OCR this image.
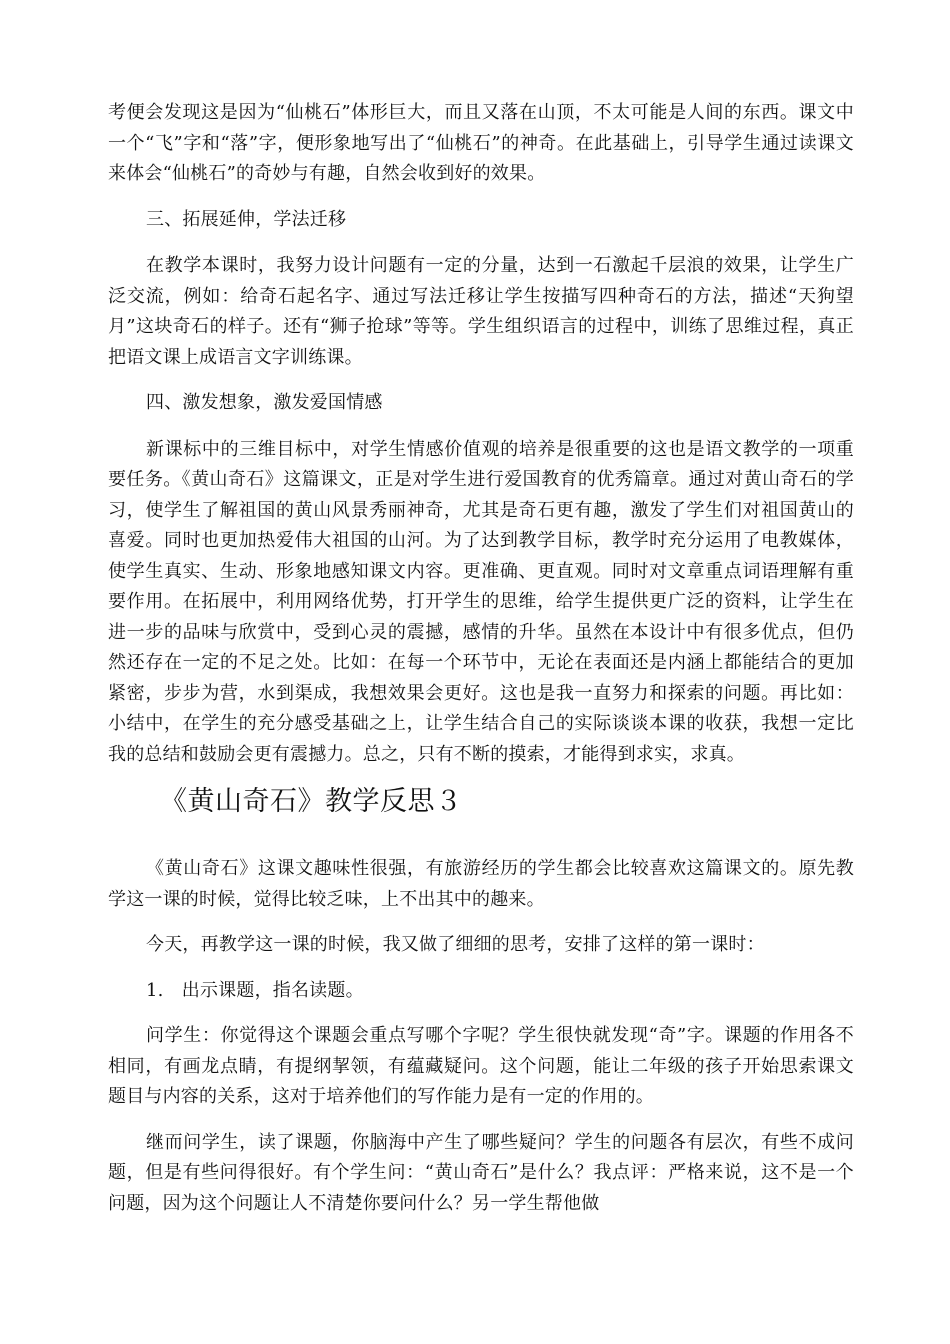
考便会发现这是因为“仙桃石”体形巨大，而且又落在山顶，不太可能是人间的东西。课文中一个“飞”字和“落”字，便形象地写出了“仙桃石”的神奇。在此基础上，引导学生通过读课文来体会“仙桃石”的奇妙与有趣，自然会收到好的效果。

三、拓展延伸，学法迁移

在教学本课时，我努力设计问题有一定的分量，达到一石激起千层浪的效果，让学生广泛交流，例如：给奇石起名字、通过写法迁移让学生按描写四种奇石的方法，描述“天狗望月”这块奇石的样子。还有“狮子抢球”等等。学生组织语言的过程中，训练了思维过程，真正把语文课上成语言文字训练课。

四、激发想象，激发爱国情感

新课标中的三维目标中，对学生情感价值观的培养是很重要的这也是语文教学的一项重要任务。《黄山奇石》这篇课文，正是对学生进行爱国教育的优秀篇章。通过对黄山奇石的学习，使学生了解祖国的黄山风景秀丽神奇，尤其是奇石更有趣，激发了学生们对祖国黄山的喜爱。同时也更加热爱伟大祖国的山河。为了达到教学目标，教学时充分运用了电教媒体，使学生真实、生动、形象地感知课文内容。更准确、更直观。同时对文章重点词语理解有重要作用。在拓展中，利用网络优势，打开学生的思维，给学生提供更广泛的资料，让学生在进一步的品味与欣赏中，受到心灵的震撼，感情的升华。虽然在本设计中有很多优点，但仍然还存在一定的不足之处。比如：在每一个环节中，无论在表面还是内涵上都能结合的更加紧密，步步为营，水到渠成，我想效果会更好。这也是我一直努力和探索的问题。再比如：小结中，在学生的充分感受基础之上，让学生结合自己的实际谈谈本课的收获，我想一定比我的总结和鼓励会更有震撼力。总之，只有不断的摸索，才能得到求实，求真。

《黄山奇石》教学反思３

《黄山奇石》这课文趣味性很强，有旅游经历的学生都会比较喜欢这篇课文的。原先教学这一课的时候，觉得比较乏味，上不出其中的趣来。

今天，再教学这一课的时候，我又做了细细的思考，安排了这样的第一课时：

1.　出示课题，指名读题。

问学生：你觉得这个课题会重点写哪个字呢？学生很快就发现“奇”字。课题的作用各不相同，有画龙点睛，有提纲挈领，有蕴藏疑问。这个问题，能让二年级的孩子开始思索课文题目与内容的关系，这对于培养他们的写作能力是有一定的作用的。

继而问学生，读了课题，你脑海中产生了哪些疑问？学生的问题各有层次，有些不成问题，但是有些问得很好。有个学生问：“黄山奇石”是什么？我点评：严格来说，这不是一个问题，因为这个问题让人不清楚你要问什么？另一学生帮他做
